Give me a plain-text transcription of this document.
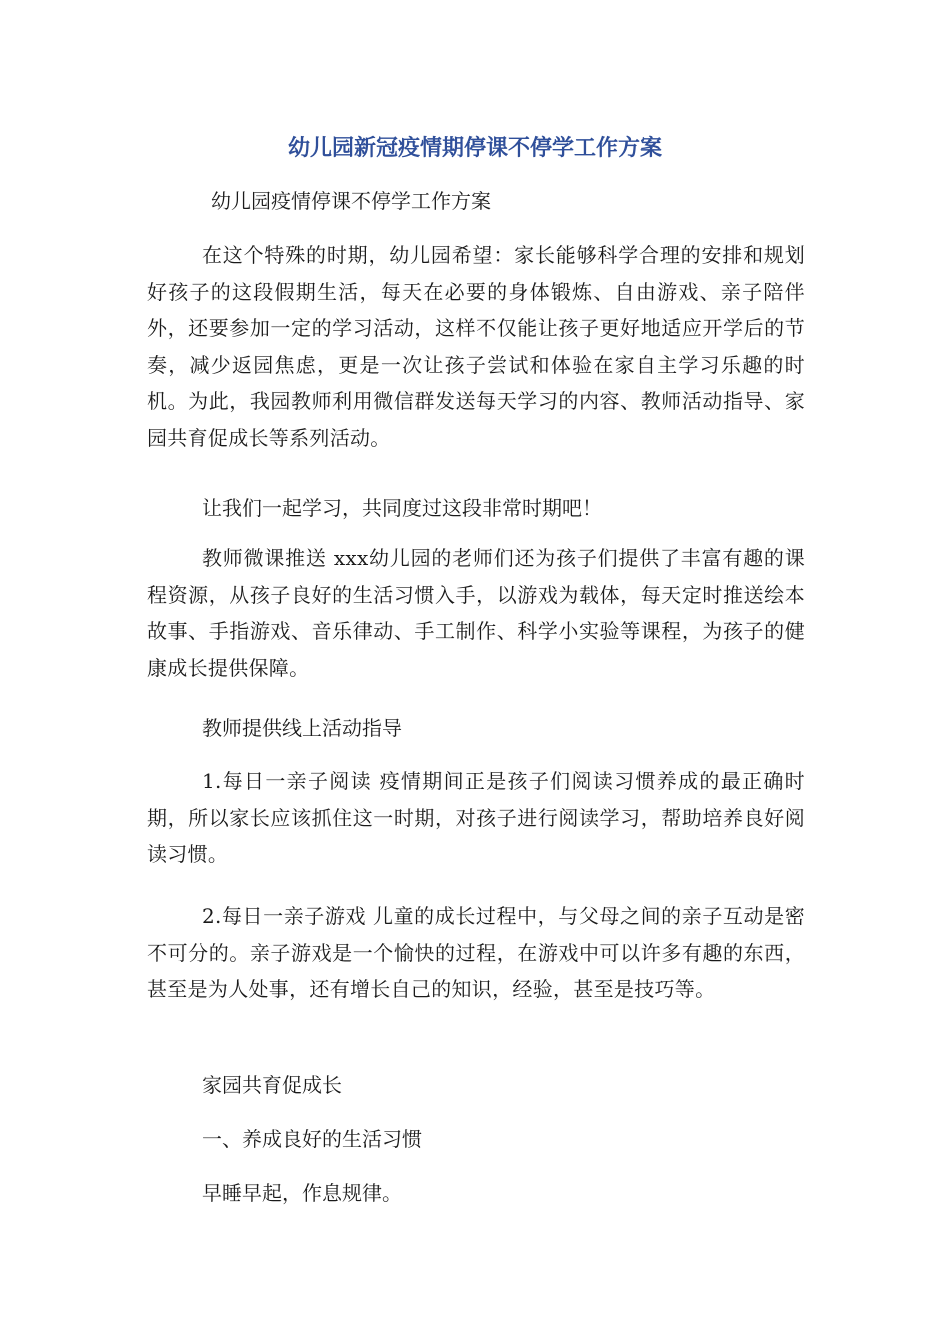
幼儿园新冠疫情期停课不停学工作方案

幼儿园疫情停课不停学工作方案

在这个特殊的时期，幼儿园希望：家长能够科学合理的安排和规划好孩子的这段假期生活，每天在必要的身体锻炼、自由游戏、亲子陪伴外，还要参加一定的学习活动，这样不仅能让孩子更好地适应开学后的节奏，减少返园焦虑，更是一次让孩子尝试和体验在家自主学习乐趣的时机。为此，我园教师利用微信群发送每天学习的内容、教师活动指导、家园共育促成长等系列活动。

让我们一起学习，共同度过这段非常时期吧！

教师微课推送 xxx幼儿园的老师们还为孩子们提供了丰富有趣的课程资源，从孩子良好的生活习惯入手，以游戏为载体，每天定时推送绘本故事、手指游戏、音乐律动、手工制作、科学小实验等课程，为孩子的健康成长提供保障。

教师提供线上活动指导

1.每日一亲子阅读 疫情期间正是孩子们阅读习惯养成的最正确时期，所以家长应该抓住这一时期，对孩子进行阅读学习，帮助培养良好阅读习惯。

2.每日一亲子游戏 儿童的成长过程中，与父母之间的亲子互动是密不可分的。亲子游戏是一个愉快的过程，在游戏中可以许多有趣的东西，甚至是为人处事，还有增长自己的知识，经验，甚至是技巧等。

家园共育促成长

一、养成良好的生活习惯

早睡早起，作息规律。
